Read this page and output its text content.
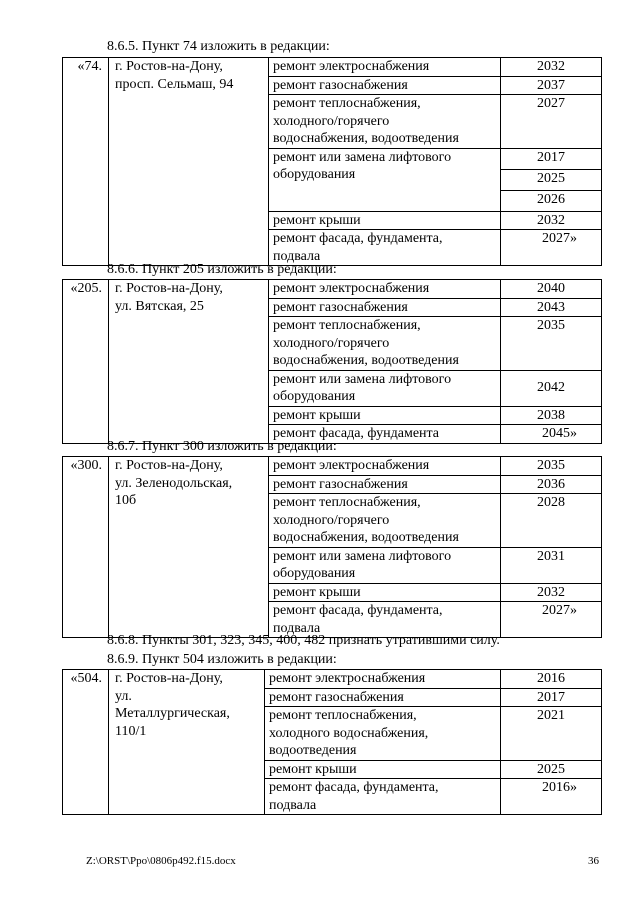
8.6.5. Пункт 74 изложить в редакции:
«74.	г. Ростов-на-Дону,
просп. Сельмаш, 94	ремонт электроснабжения	2032
		ремонт газоснабжения	2037
		ремонт теплоснабжения,
холодного/горячего
водоснабжения, водоотведения	2027
		ремонт или замена лифтового
оборудования	2017
			2025
			2026
		ремонт крыши	2032
		ремонт фасада, фундамента,
подвала	2027»
8.6.6. Пункт 205 изложить в редакции:
«205.	г. Ростов-на-Дону,
ул. Вятская, 25	ремонт электроснабжения	2040
		ремонт газоснабжения	2043
		ремонт теплоснабжения,
холодного/горячего
водоснабжения, водоотведения	2035
		ремонт или замена лифтового
оборудования	2042
		ремонт крыши	2038
		ремонт фасада, фундамента	2045»
8.6.7. Пункт 300 изложить в редакции:
«300.	г. Ростов-на-Дону,
ул. Зеленодольская,
10б	ремонт электроснабжения	2035
		ремонт газоснабжения	2036
		ремонт теплоснабжения,
холодного/горячего
водоснабжения, водоотведения	2028
		ремонт или замена лифтового
оборудования	2031
		ремонт крыши	2032
		ремонт фасада, фундамента,
подвала	2027»
8.6.8. Пункты 301, 323, 345, 400, 482 признать утратившими силу.
8.6.9. Пункт 504 изложить в редакции:
«504.	г. Ростов-на-Дону,
ул.
Металлургическая,
110/1	ремонт электроснабжения	2016
		ремонт газоснабжения	2017
		ремонт теплоснабжения,
холодного водоснабжения,
водоотведения	2021
		ремонт крыши	2025
		ремонт фасада, фундамента,
подвала	2016»
Z:\ORST\Ppo\0806p492.f15.docx	36
